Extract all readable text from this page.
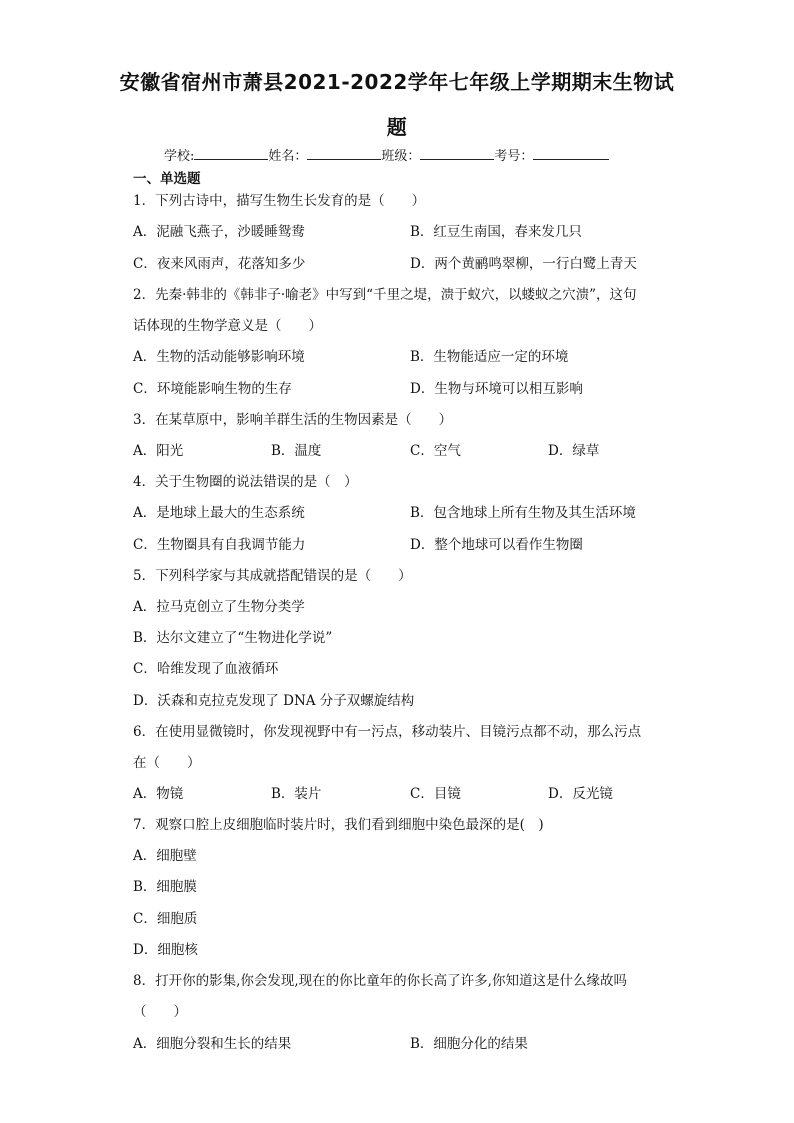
安徽省宿州市萧县2021-2022学年七年级上学期期末生物试
题
学校:	姓名：	班级：	考号：
一、单选题
1．下列古诗中，描写生物生长发育的是（　　）
A．泥融飞燕子，沙暖睡鸳鸯	B．红豆生南国，春来发几只
C．夜来风雨声，花落知多少	D．两个黄鹂鸣翠柳，一行白鹭上青天
2．先秦·韩非的《韩非子·喻老》中写到“千里之堤，溃于蚁穴，以蝼蚁之穴溃”，这句
话体现的生物学意义是（　　）
A．生物的活动能够影响环境	B．生物能适应一定的环境
C．环境能影响生物的生存	D．生物与环境可以相互影响
3．在某草原中，影响羊群生活的生物因素是（　　）
A．阳光	B．温度	C．空气	D．绿草
4．关于生物圈的说法错误的是（　）
A．是地球上最大的生态系统	B．包含地球上所有生物及其生活环境
C．生物圈具有自我调节能力	D．整个地球可以看作生物圈
5．下列科学家与其成就搭配错误的是（　　）
A．拉马克创立了生物分类学
B．达尔文建立了“生物进化学说”
C．哈维发现了血液循环
D．沃森和克拉克发现了 DNA 分子双螺旋结构
6．在使用显微镜时，你发现视野中有一污点，移动装片、目镜污点都不动，那么污点
在（　　）
A．物镜	B．装片	C．目镜	D．反光镜
7．观察口腔上皮细胞临时装片时，我们看到细胞中染色最深的是(　)
A．细胞壁
B．细胞膜
C．细胞质
D．细胞核
8．打开你的影集,你会发现,现在的你比童年的你长高了许多,你知道这是什么缘故吗
（　　）
A．细胞分裂和生长的结果	B．细胞分化的结果
